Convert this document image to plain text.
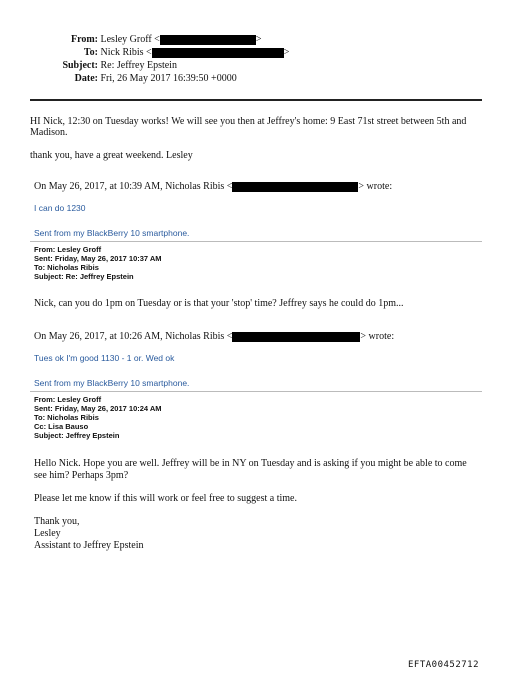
From: Lesley Groff <	>
To: Nick Ribis <	>
Subject: Re: Jeffrey Epstein
Date: Fri, 26 May 2017 16:39:50 +0000
HI Nick, 12:30 on Tuesday works! We will see you then at Jeffrey's home: 9 East 71st street between 5th and
Madison.
thank you, have a great weekend. Lesley
On May 26, 2017, at 10:39 AM, Nicholas Ribis <	> wrote:
I can do 1230
Sent from my BlackBerry 10 smartphone.
From: Lesley Groff
Sent: Friday, May 26, 2017 10:37 AM
To: Nicholas Ribis
Subject: Re: Jeffrey Epstein
Nick, can you do 1pm on Tuesday or is that your 'stop' time? Jeffrey says he could do 1pm...
On May 26, 2017, at 10:26 AM, Nicholas Ribis <	> wrote:
Tues ok I'm good 1130 - 1 or. Wed ok
Sent from my BlackBerry 10 smartphone.
From: Lesley Groff
Sent: Friday, May 26, 2017 10:24 AM
To: Nicholas Ribis
Cc: Lisa Bauso
Subject: Jeffrey Epstein
Hello Nick. Hope you are well. Jeffrey will be in NY on Tuesday and is asking if you might be able to come
see him? Perhaps 3pm?
Please let me know if this will work or feel free to suggest a time.
Thank you,
Lesley
Assistant to Jeffrey Epstein
EFTA00452712
